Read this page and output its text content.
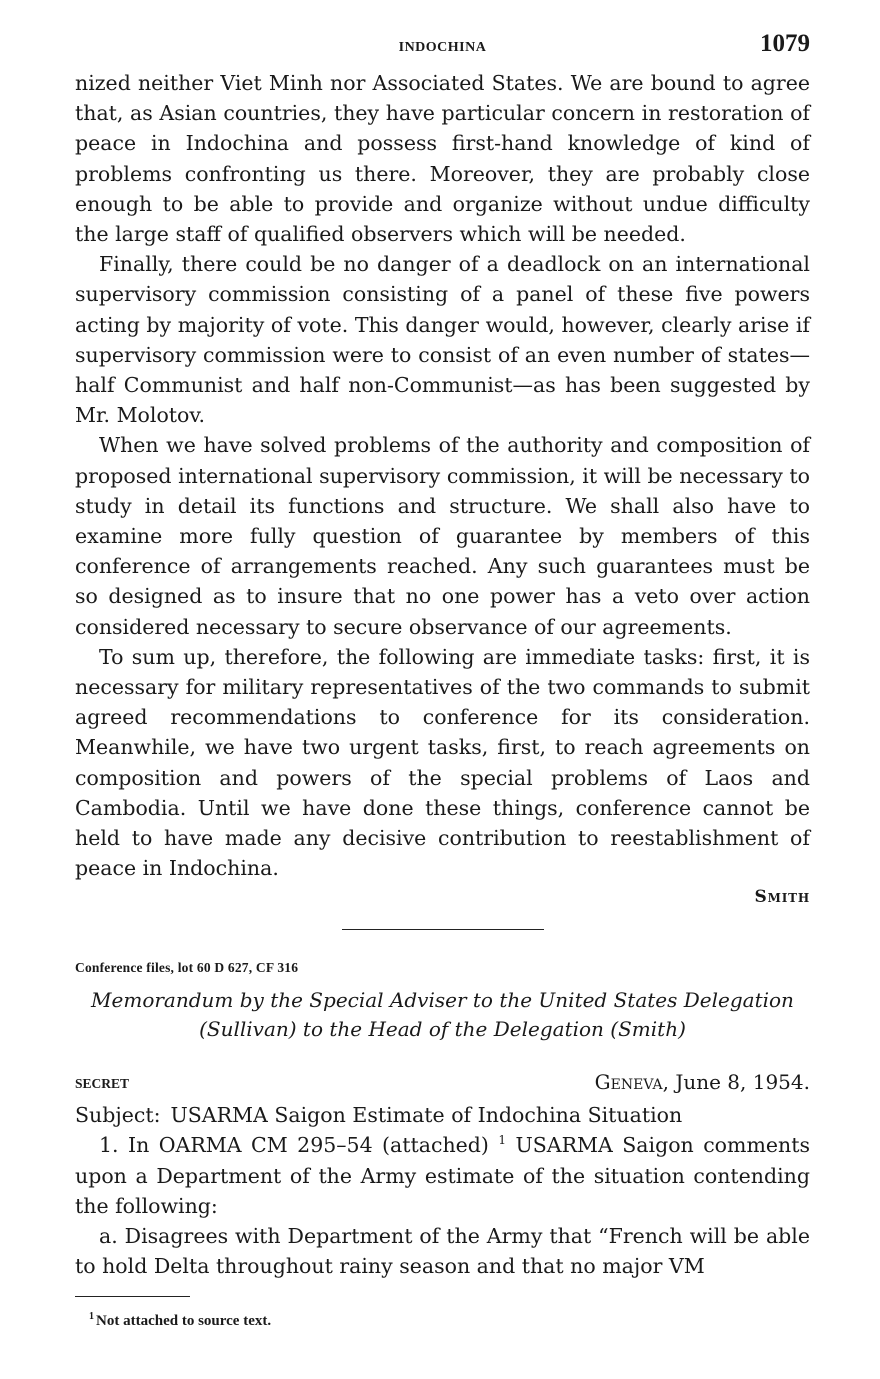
INDOCHINA	1079

nized neither Viet Minh nor Associated States. We are bound to agree that, as Asian countries, they have particular concern in restoration of peace in Indochina and possess first-hand knowledge of kind of problems confronting us there. Moreover, they are probably close enough to be able to provide and organize without undue difficulty the large staff of qualified observers which will be needed.

Finally, there could be no danger of a deadlock on an international supervisory commission consisting of a panel of these five powers acting by majority of vote. This danger would, however, clearly arise if supervisory commission were to consist of an even number of states—half Communist and half non-Communist—as has been suggested by Mr. Molotov.

When we have solved problems of the authority and composition of proposed international supervisory commission, it will be necessary to study in detail its functions and structure. We shall also have to examine more fully question of guarantee by members of this conference of arrangements reached. Any such guarantees must be so designed as to insure that no one power has a veto over action considered necessary to secure observance of our agreements.

To sum up, therefore, the following are immediate tasks: first, it is necessary for military representatives of the two commands to submit agreed recommendations to conference for its consideration. Meanwhile, we have two urgent tasks, first, to reach agreements on composition and powers of the special problems of Laos and Cambodia. Until we have done these things, conference cannot be held to have made any decisive contribution to reestablishment of peace in Indochina.

Smith
Conference files, lot 60 D 627, CF 316
Memorandum by the Special Adviser to the United States Delegation
(Sullivan) to the Head of the Delegation (Smith)
SECRET	Geneva, June 8, 1954.
Subject: USARMA Saigon Estimate of Indochina Situation

1. In OARMA CM 295–54 (attached) $^1$ USARMA Saigon comments upon a Department of the Army estimate of the situation contending the following:

a. Disagrees with Department of the Army that “French will be able to hold Delta throughout rainy season and that no major VM

$^1$ Not attached to source text.
